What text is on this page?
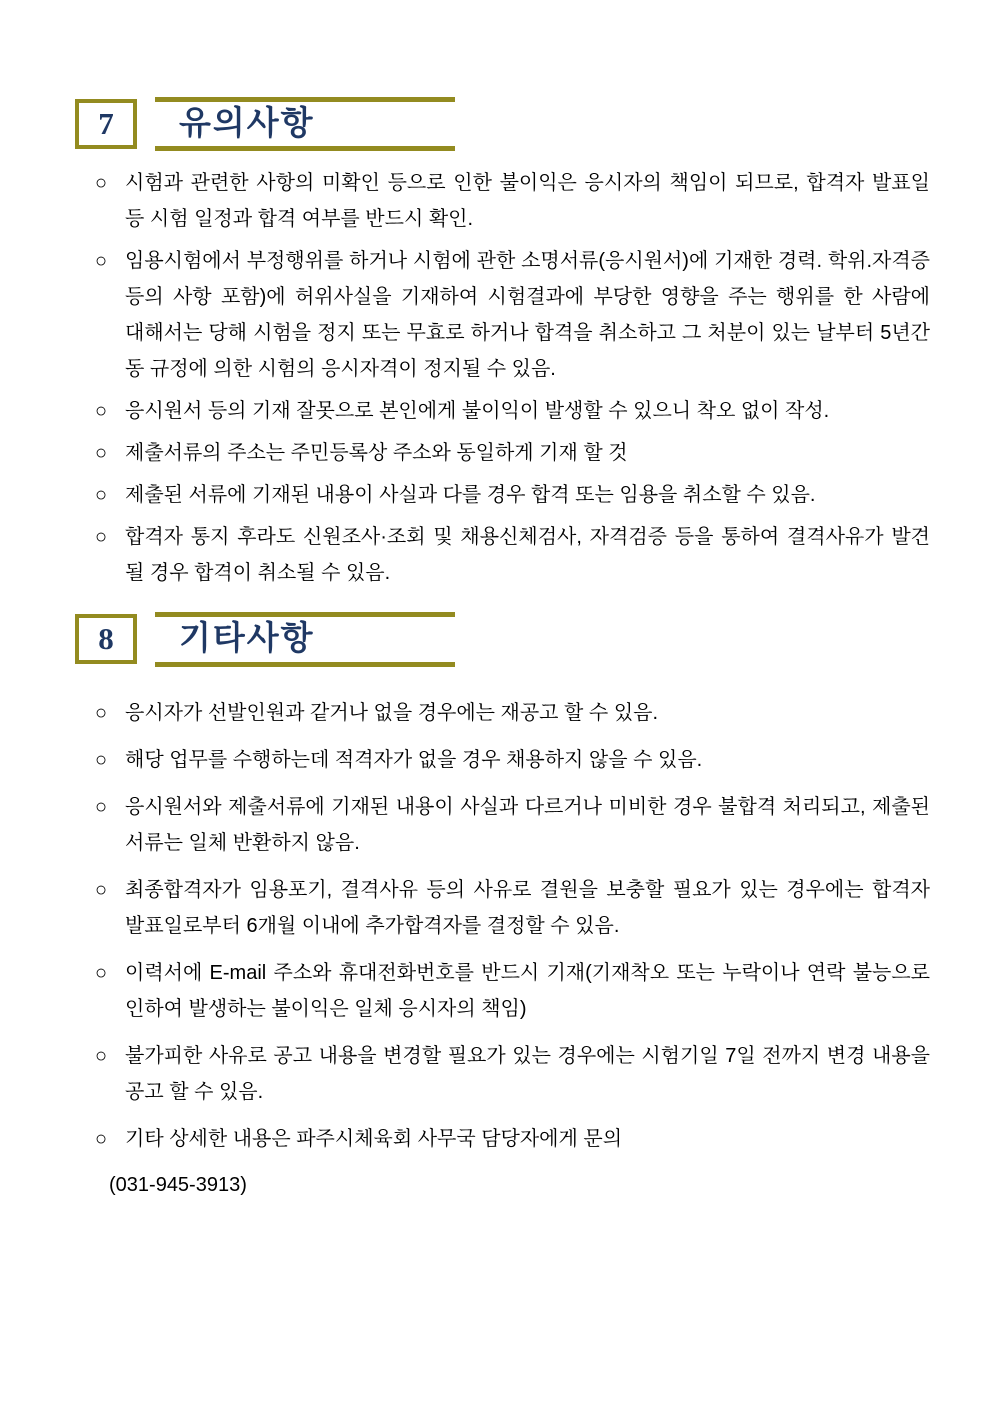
7	유의사항
○ 시험과 관련한 사항의 미확인 등으로 인한 불이익은 응시자의 책임이 되므로, 합격자 발표일 등 시험 일정과 합격 여부를 반드시 확인.
○ 임용시험에서 부정행위를 하거나 시험에 관한 소명서류(응시원서)에 기재한 경력. 학위.자격증 등의 사항 포함)에 허위사실을 기재하여 시험결과에 부당한 영향을 주는 행위를 한 사람에 대해서는 당해 시험을 정지 또는 무효로 하거나 합격을 취소하고 그 처분이 있는 날부터 5년간 동 규정에 의한 시험의 응시자격이 정지될 수 있음.
○ 응시원서 등의 기재 잘못으로 본인에게 불이익이 발생할 수 있으니 착오 없이 작성.
○ 제출서류의 주소는 주민등록상 주소와 동일하게 기재 할 것
○ 제출된 서류에 기재된 내용이 사실과 다를 경우 합격 또는 임용을 취소할 수 있음.
○ 합격자 통지 후라도 신원조사·조회 및 채용신체검사, 자격검증 등을 통하여 결격사유가 발견 될 경우 합격이 취소될 수 있음.
8	기타사항
○ 응시자가 선발인원과 같거나 없을 경우에는 재공고 할 수 있음.
○ 해당 업무를 수행하는데 적격자가 없을 경우 채용하지 않을 수 있음.
○ 응시원서와 제출서류에 기재된 내용이 사실과 다르거나 미비한 경우 불합격 처리되고, 제출된 서류는 일체 반환하지 않음.
○ 최종합격자가 임용포기, 결격사유 등의 사유로 결원을 보충할 필요가 있는 경우에는 합격자 발표일로부터 6개월 이내에 추가합격자를 결정할 수 있음.
○ 이력서에 E-mail 주소와 휴대전화번호를 반드시 기재(기재착오 또는 누락이나 연락 불능으로 인하여 발생하는 불이익은 일체 응시자의 책임)
○ 불가피한 사유로 공고 내용을 변경할 필요가 있는 경우에는 시험기일 7일 전까지 변경 내용을 공고 할 수 있음.
○ 기타 상세한 내용은 파주시체육회 사무국 담당자에게 문의
(031-945-3913)
